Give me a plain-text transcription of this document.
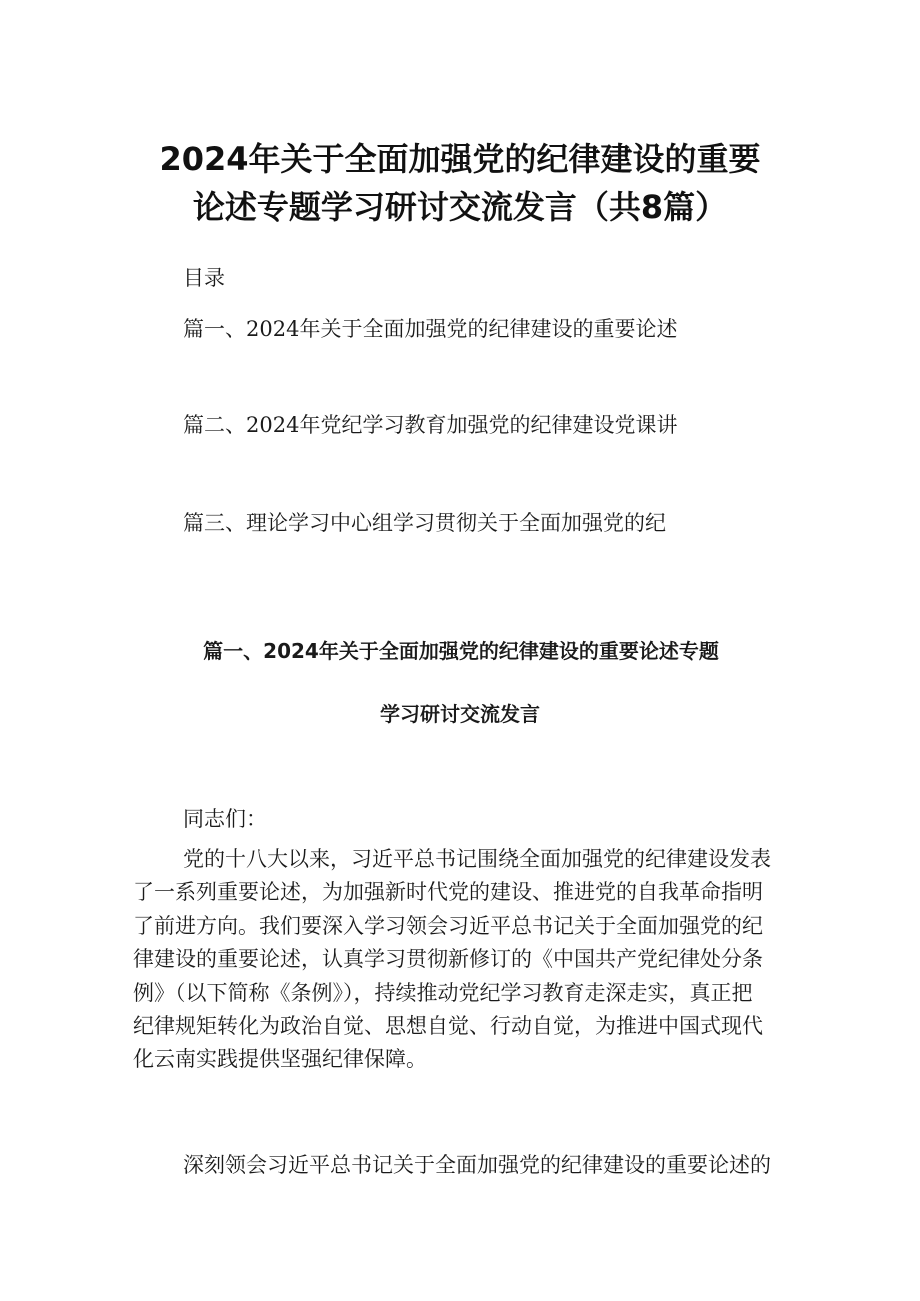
2024年关于全面加强党的纪律建设的重要
论述专题学习研讨交流发言（共8篇）

目录

篇一、2024年关于全面加强党的纪律建设的重要论述
篇二、2024年党纪学习教育加强党的纪律建设党课讲
篇三、理论学习中心组学习贯彻关于全面加强党的纪
篇一、2024年关于全面加强党的纪律建设的重要论述专题
学习研讨交流发言

同志们：

党的十八大以来，习近平总书记围绕全面加强党的纪律建设发表
了一系列重要论述，为加强新时代党的建设、推进党的自我革命指明
了前进方向。我们要深入学习领会习近平总书记关于全面加强党的纪
律建设的重要论述，认真学习贯彻新修订的《中国共产党纪律处分条
例》（以下简称《条例》），持续推动党纪学习教育走深走实，真正把
纪律规矩转化为政治自觉、思想自觉、行动自觉，为推进中国式现代
化云南实践提供坚强纪律保障。
深刻领会习近平总书记关于全面加强党的纪律建设的重要论述的
